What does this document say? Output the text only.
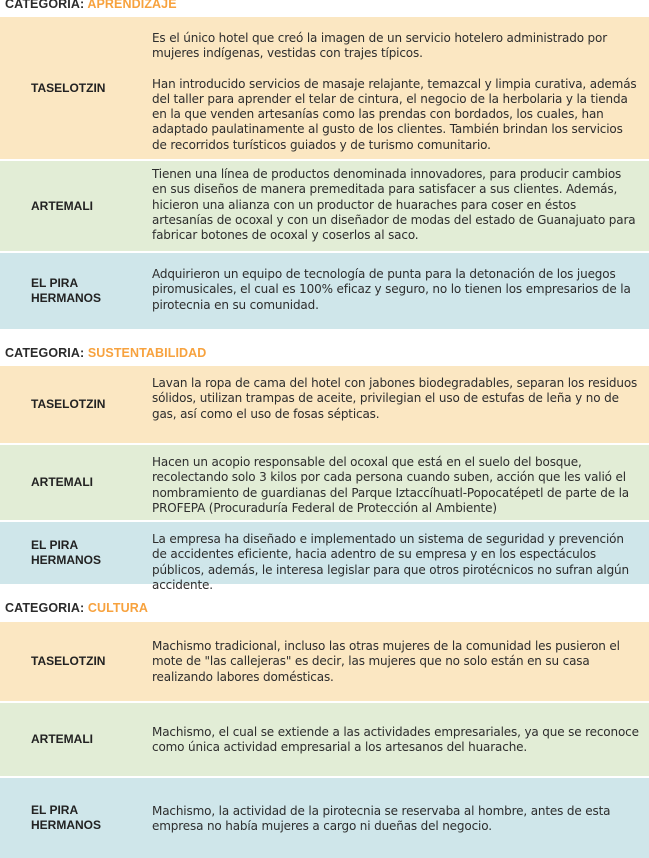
CATEGORIA: APRENDIZAJE
TASELOTZIN

Es el único hotel que creó la imagen de un servicio hotelero administrado por mujeres indígenas, vestidas con trajes típicos.

Han introducido servicios de masaje relajante, temazcal y limpia curativa, además del taller para aprender el telar de cintura, el negocio de la herbolaria y la tienda en la que venden artesanías como las prendas con bordados, los cuales, han adaptado paulatinamente al gusto de los clientes. También brindan los servicios de recorridos turísticos guiados y de turismo comunitario.

ARTEMALI

Tienen una línea de productos denominada innovadores, para producir cambios en sus diseños de manera premeditada para satisfacer a sus clientes. Además, hicieron una alianza con un productor de huaraches para coser en éstos artesanías de ocoxal y con un diseñador de modas del estado de Guanajuato para fabricar botones de ocoxal y coserlos al saco.

EL PIRA HERMANOS

Adquirieron un equipo de tecnología de punta para la detonación de los juegos piromusicales, el cual es 100% eficaz y seguro, no lo tienen los empresarios de la pirotecnia en su comunidad.

CATEGORIA: SUSTENTABILIDAD
TASELOTZIN

Lavan la ropa de cama del hotel con jabones biodegradables, separan los residuos sólidos, utilizan trampas de aceite, privilegian el uso de estufas de leña y no de gas, así como el uso de fosas sépticas.

ARTEMALI

Hacen un acopio responsable del ocoxal que está en el suelo del bosque, recolectando solo 3 kilos por cada persona cuando suben, acción que les valió el nombramiento de guardianas del Parque Iztaccíhuatl-Popocatépetl de parte de la PROFEPA (Procuraduría Federal de Protección al Ambiente)

EL PIRA HERMANOS

La empresa ha diseñado e implementado un sistema de seguridad y prevención de accidentes eficiente, hacia adentro de su empresa y en los espectáculos públicos, además, le interesa legislar para que otros pirotécnicos no sufran algún accidente.

CATEGORIA: CULTURA
TASELOTZIN

Machismo tradicional, incluso las otras mujeres de la comunidad les pusieron el mote de "las callejeras" es decir, las mujeres que no solo están en su casa realizando labores domésticas.

ARTEMALI	Machismo, el cual se extiende a las actividades empresariales, ya que se reconoce como única actividad empresarial a los artesanos del huarache.

EL PIRA HERMANOS

Machismo, la actividad de la pirotecnia se reservaba al hombre, antes de esta empresa no había mujeres a cargo ni dueñas del negocio.
